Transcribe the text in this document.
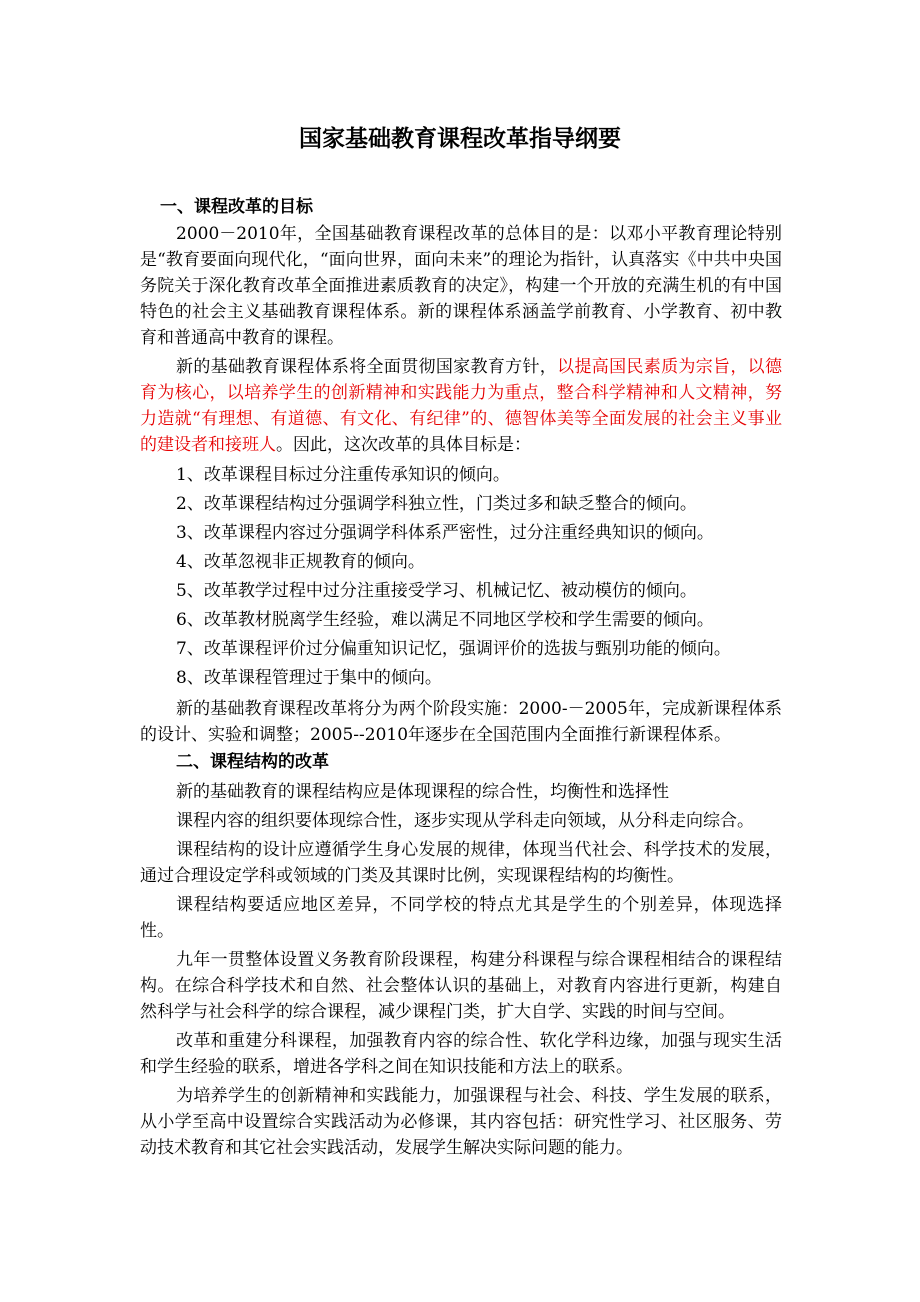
国家基础教育课程改革指导纲要
一、课程改革的目标

2000－2010年，全国基础教育课程改革的总体目的是：以邓小平教育理论特别是“教育要面向现代化，“面向世界，面向未来”的理论为指针，认真落实《中共中央国务院关于深化教育改革全面推进素质教育的决定》，构建一个开放的充满生机的有中国特色的社会主义基础教育课程体系。新的课程体系涵盖学前教育、小学教育、初中教育和普通高中教育的课程。

新的基础教育课程体系将全面贯彻国家教育方针，以提高国民素质为宗旨，以德育为核心，以培养学生的创新精神和实践能力为重点，整合科学精神和人文精神，努力造就“有理想、有道德、有文化、有纪律”的、德智体美等全面发展的社会主义事业的建设者和接班人。因此，这次改革的具体目标是：

1、改革课程目标过分注重传承知识的倾向。

2、改革课程结构过分强调学科独立性，门类过多和缺乏整合的倾向。

3、改革课程内容过分强调学科体系严密性，过分注重经典知识的倾向。

4、改革忽视非正规教育的倾向。

5、改革教学过程中过分注重接受学习、机械记忆、被动模仿的倾向。

6、改革教材脱离学生经验，难以满足不同地区学校和学生需要的倾向。

7、改革课程评价过分偏重知识记忆，强调评价的选拔与甄别功能的倾向。

8、改革课程管理过于集中的倾向。

新的基础教育课程改革将分为两个阶段实施：2000-－2005年，完成新课程体系的设计、实验和调整；2005--2010年逐步在全国范围内全面推行新课程体系。

二、课程结构的改革

新的基础教育的课程结构应是体现课程的综合性，均衡性和选择性

课程内容的组织要体现综合性，逐步实现从学科走向领域，从分科走向综合。

课程结构的设计应遵循学生身心发展的规律，体现当代社会、科学技术的发展，通过合理设定学科或领域的门类及其课时比例，实现课程结构的均衡性。

课程结构要适应地区差异，不同学校的特点尤其是学生的个别差异，体现选择性。

九年一贯整体设置义务教育阶段课程，构建分科课程与综合课程相结合的课程结构。在综合科学技术和自然、社会整体认识的基础上，对教育内容进行更新，构建自然科学与社会科学的综合课程，减少课程门类，扩大自学、实践的时间与空间。

改革和重建分科课程，加强教育内容的综合性、软化学科边缘，加强与现实生活和学生经验的联系，增进各学科之间在知识技能和方法上的联系。

为培养学生的创新精神和实践能力，加强课程与社会、科技、学生发展的联系，从小学至高中设置综合实践活动为必修课，其内容包括：研究性学习、社区服务、劳动技术教育和其它社会实践活动，发展学生解决实际问题的能力。
